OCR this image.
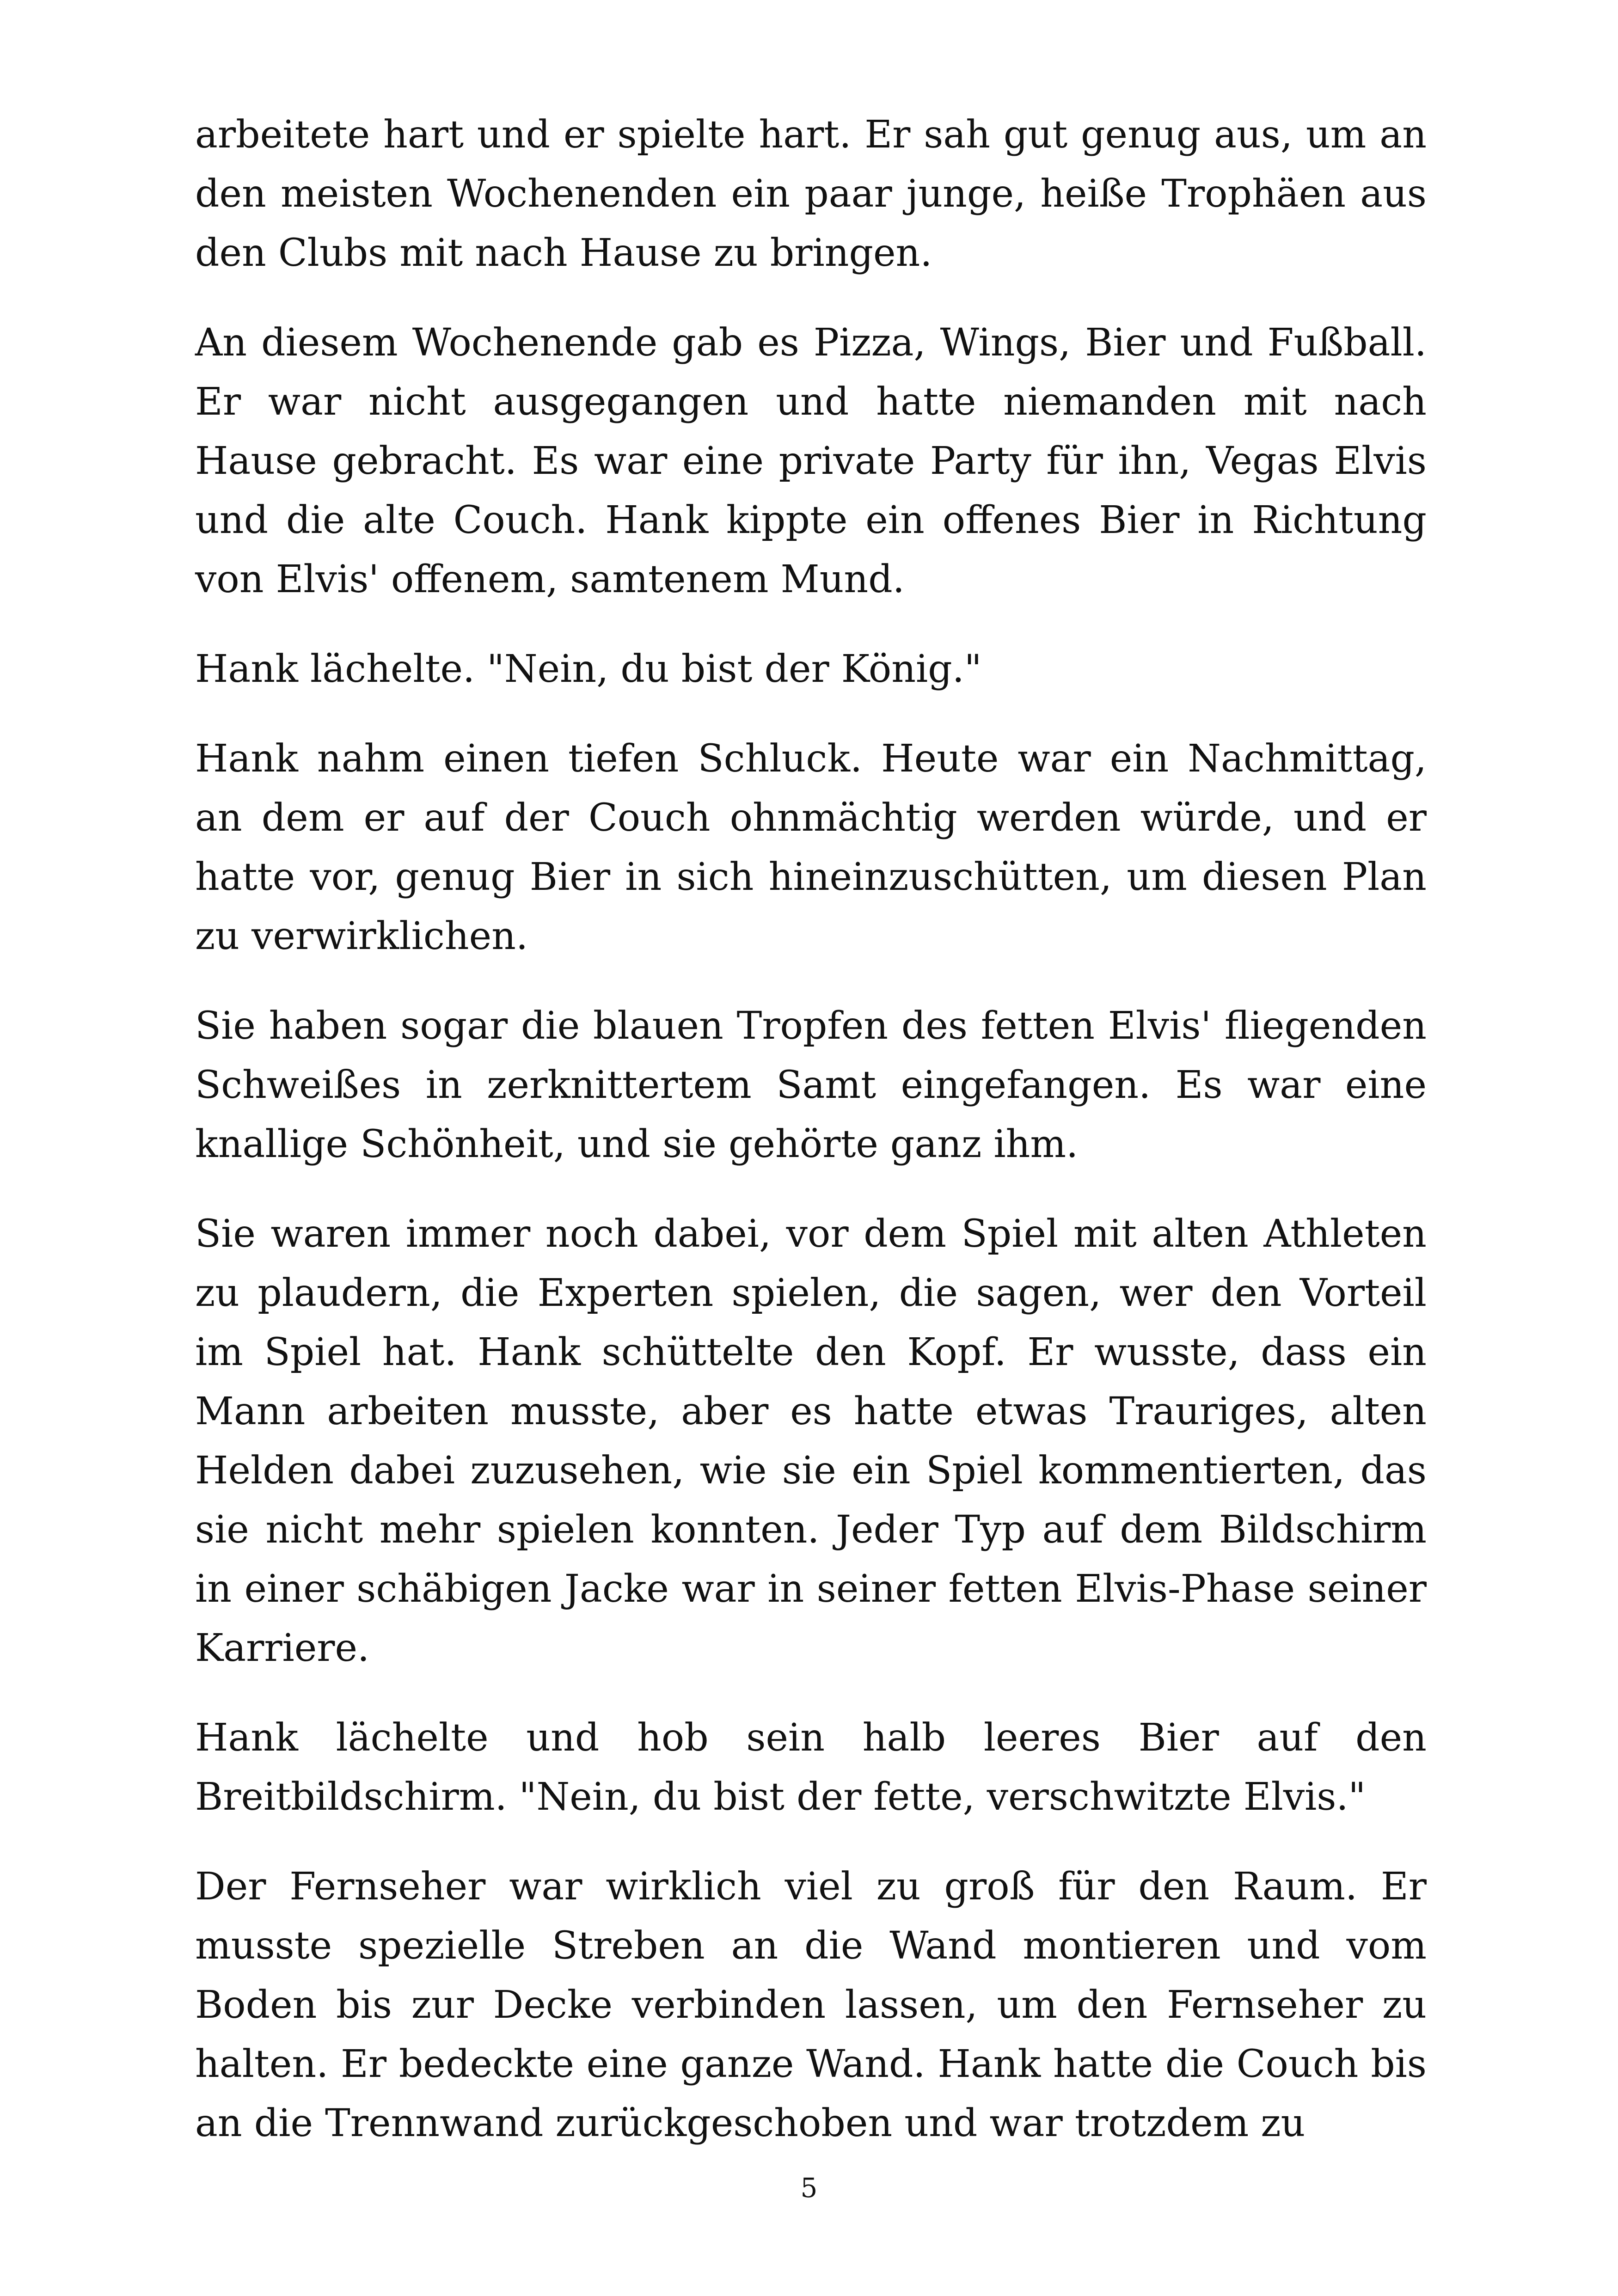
arbeitete hart und er spielte hart. Er sah gut genug aus, um an den meisten Wochenenden ein paar junge, heiße Trophäen aus den Clubs mit nach Hause zu bringen.

An diesem Wochenende gab es Pizza, Wings, Bier und Fußball. Er war nicht ausgegangen und hatte niemanden mit nach Hause gebracht. Es war eine private Party für ihn, Vegas Elvis und die alte Couch. Hank kippte ein offenes Bier in Richtung von Elvis' offenem, samtenem Mund.

Hank lächelte. "Nein, du bist der König."

Hank nahm einen tiefen Schluck. Heute war ein Nachmittag, an dem er auf der Couch ohnmächtig werden würde, und er hatte vor, genug Bier in sich hineinzuschütten, um diesen Plan zu verwirklichen.

Sie haben sogar die blauen Tropfen des fetten Elvis' fliegenden Schweißes in zerknittertem Samt eingefangen. Es war eine knallige Schönheit, und sie gehörte ganz ihm.

Sie waren immer noch dabei, vor dem Spiel mit alten Athleten zu plaudern, die Experten spielen, die sagen, wer den Vorteil im Spiel hat. Hank schüttelte den Kopf. Er wusste, dass ein Mann arbeiten musste, aber es hatte etwas Trauriges, alten Helden dabei zuzusehen, wie sie ein Spiel kommentierten, das sie nicht mehr spielen konnten. Jeder Typ auf dem Bildschirm in einer schäbigen Jacke war in seiner fetten Elvis-Phase seiner Karriere.

Hank lächelte und hob sein halb leeres Bier auf den Breitbildschirm. "Nein, du bist der fette, verschwitzte Elvis."

Der Fernseher war wirklich viel zu groß für den Raum. Er musste spezielle Streben an die Wand montieren und vom Boden bis zur Decke verbinden lassen, um den Fernseher zu halten. Er bedeckte eine ganze Wand. Hank hatte die Couch bis an die Trennwand zurückgeschoben und war trotzdem zu

5
